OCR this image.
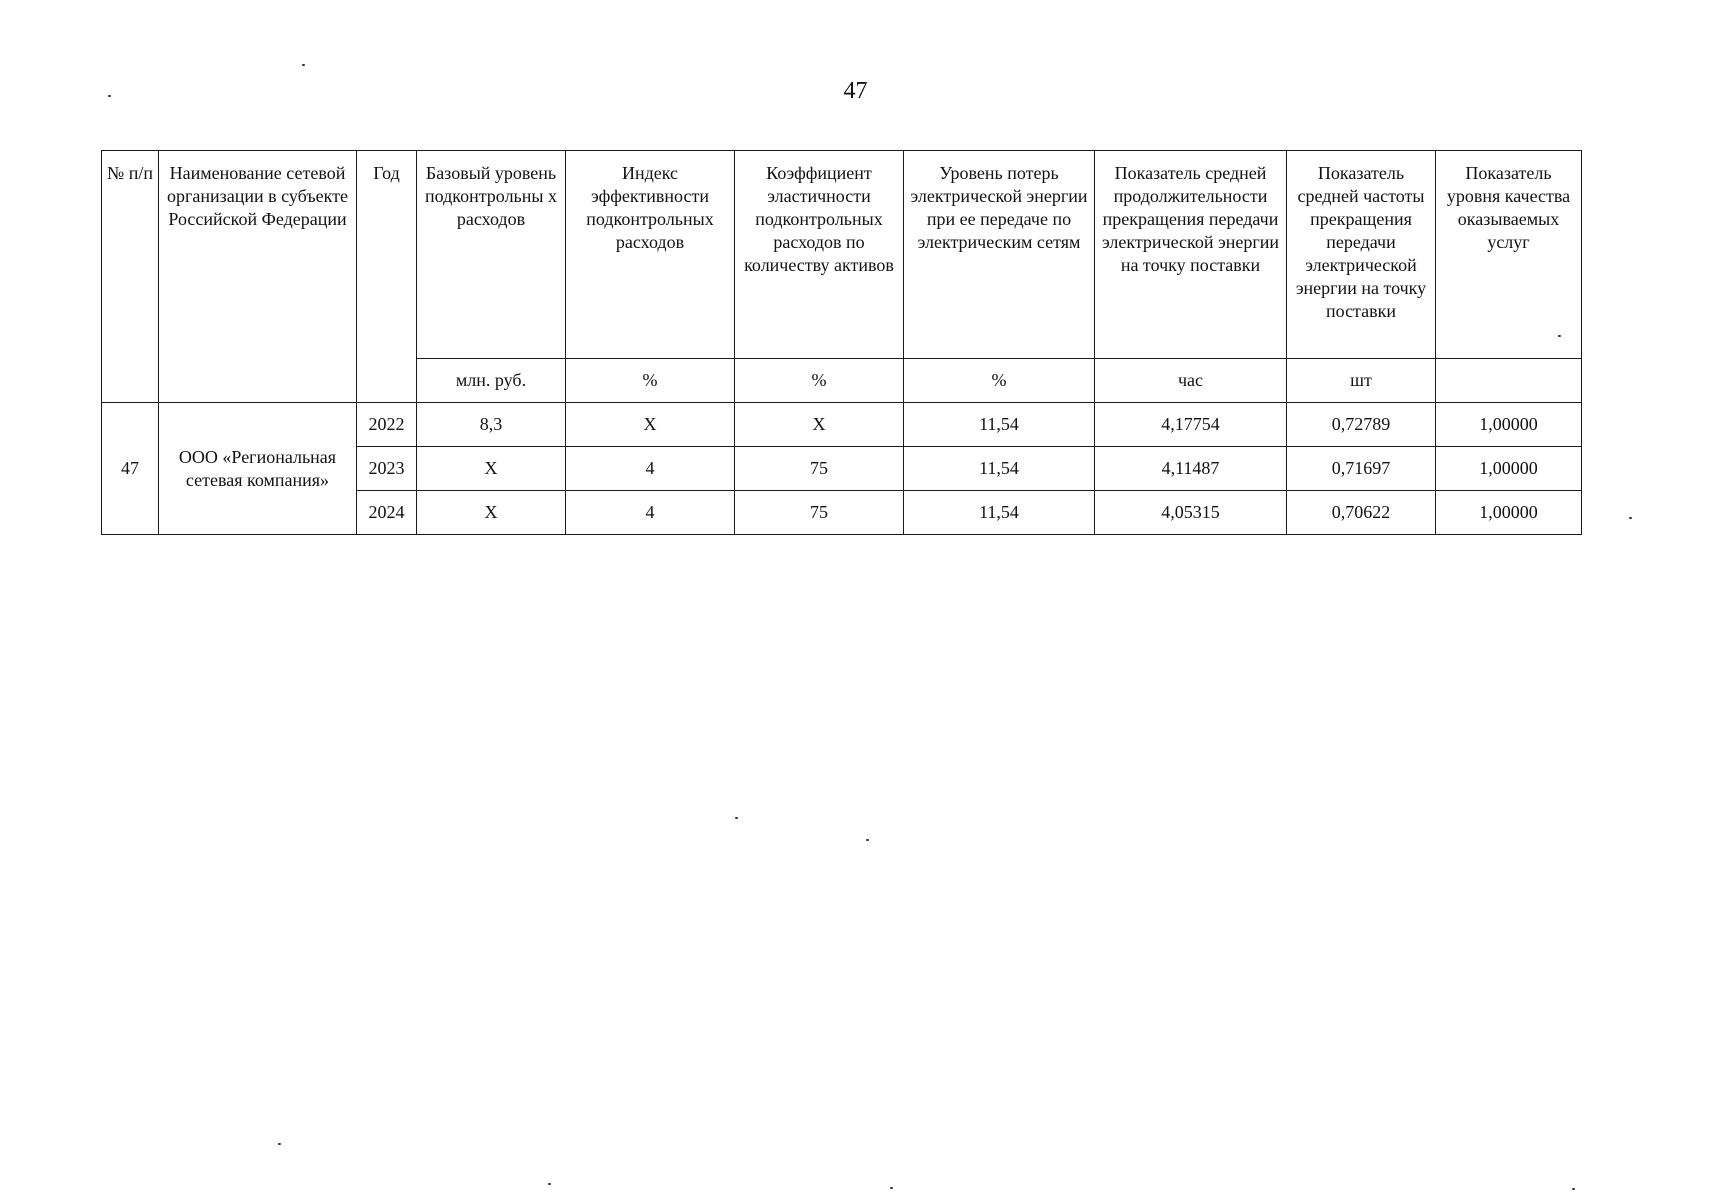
47
№ п/п	Наименование сетевой организации в субъекте Российской Федерации	Год	Базовый уровень подконтрольны х расходов	Индекс эффективности подконтрольных расходов	Коэффициент эластичности подконтрольных расходов по количеству активов	Уровень потерь электрической энергии при ее передаче по электрическим сетям	Показатель средней продолжительности прекращения передачи электрической энергии на точку поставки	Показатель средней частоты прекращения передачи электрической энергии на точку поставки	Показатель уровня качества оказываемых услуг
			млн. руб.	%	%	%	час	шт	
47	ООО «Региональная сетевая компания»	2022	8,3	X	X	11,54	4,17754	0,72789	1,00000
		2023	X	4	75	11,54	4,11487	0,71697	1,00000
		2024	X	4	75	11,54	4,05315	0,70622	1,00000
